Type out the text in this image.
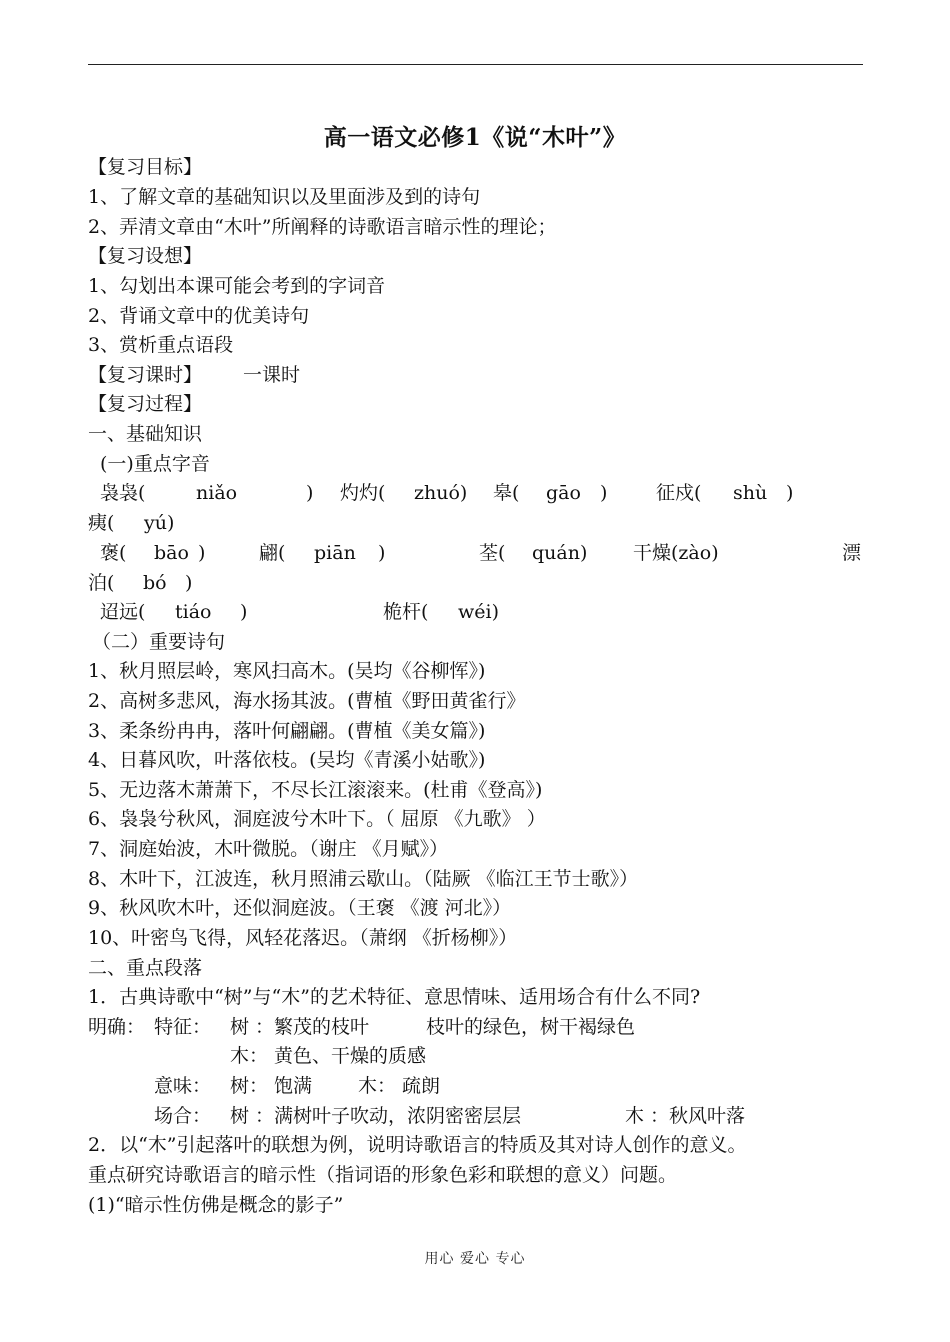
高一语文必修1《说“木叶”》
【复习目标】
1、了解文章的基础知识以及里面涉及到的诗句
2、弄清文章由“木叶”所阐释的诗歌语言暗示性的理论；
【复习设想】
1、勾划出本课可能会考到的字词音
2、背诵文章中的优美诗句
3、赏析重点语段
【复习课时】 一课时
【复习过程】
一、基础知识
(一)重点字音
袅袅(	niǎo	) 灼灼( zhuó) 皋( gāo )	征戍( shù )
痍( yú)
褒( bāo )	翩( piān )	荃( quán) 干燥(zào)	漂
泊( bó )
迢远( tiáo )	桅杆( wéi)
（二）重要诗句
1、秋月照层岭，寒风扫高木。(吴均《谷柳恽》)
2、高树多悲风，海水扬其波。(曹植《野田黄雀行》
3、柔条纷冉冉，落叶何翩翩。(曹植《美女篇》)
4、日暮风吹，叶落依枝。(吴均《青溪小姑歌》)
5、无边落木萧萧下，不尽长江滚滚来。(杜甫《登高》)
6、袅袅兮秋风，洞庭波兮木叶下。（ 屈原 《九歌》 ）
7、洞庭始波，木叶微脱。（谢庄 《月赋》）
8、木叶下，江波连，秋月照浦云歇山。（陆厥 《临江王节士歌》）
9、秋风吹木叶，还似洞庭波。（王褒 《渡 河北》）
10、叶密鸟飞得，风轻花落迟。（萧纲 《折杨柳》）
二、重点段落
1．古典诗歌中“树”与“木”的艺术特征、意思情味、适用场合有什么不同?
明确： 特征： 树 ：繁茂的枝叶	枝叶的绿色，树干褐绿色
木： 黄色、干燥的质感
意味： 树： 饱满 木： 疏朗
场合： 树 ：满树叶子吹动，浓阴密密层层	木 ：秋风叶落
2．以“木”引起落叶的联想为例，说明诗歌语言的特质及其对诗人创作的意义。
重点研究诗歌语言的暗示性（指词语的形象色彩和联想的意义）问题。
(1)“暗示性仿佛是概念的影子”
用心 爱心 专心
